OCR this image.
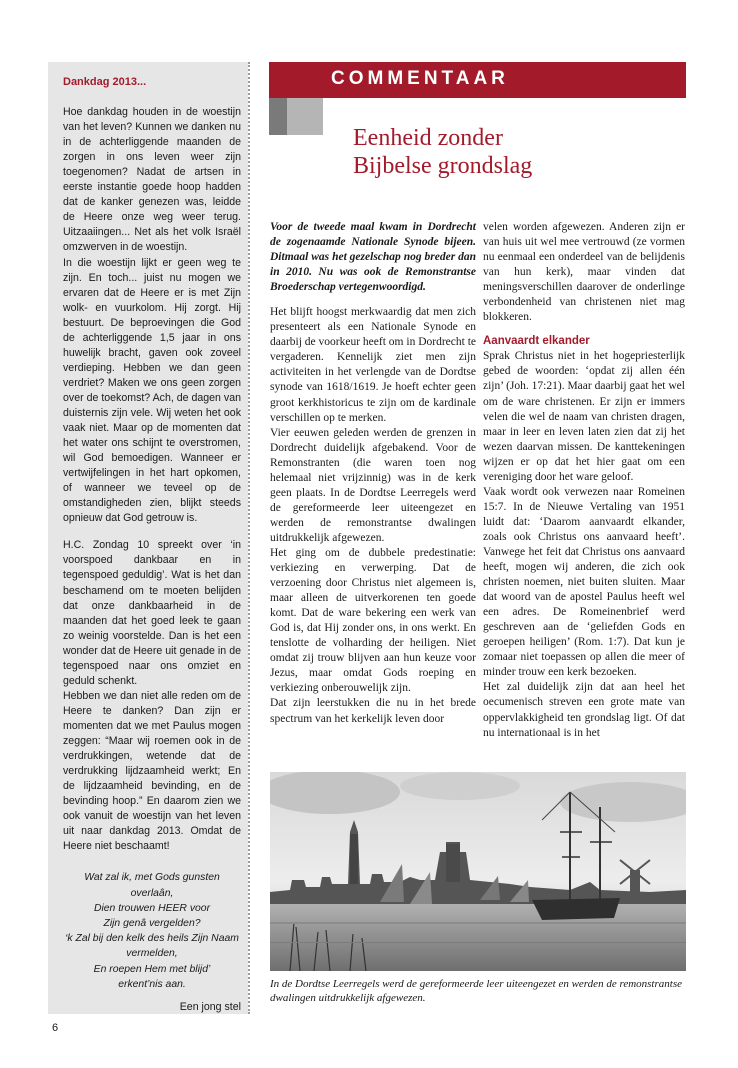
Dankdag 2013...

Hoe dankdag houden in de woestijn van het leven? Kunnen we danken nu in de achterliggende maanden de zorgen in ons leven weer zijn toegenomen? Nadat de artsen in eerste instantie goede hoop hadden dat de kanker genezen was, leidde de Heere onze weg weer terug. Uitzaaiingen... Net als het volk Israël omzwerven in de woestijn.

In die woestijn lijkt er geen weg te zijn. En toch... juist nu mogen we ervaren dat de Heere er is met Zijn wolk- en vuurkolom. Hij zorgt. Hij bestuurt. De beproevingen die God de achterliggende 1,5 jaar in ons huwelijk bracht, gaven ook zoveel verdieping. Hebben we dan geen verdriet? Maken we ons geen zorgen over de toekomst? Ach, de dagen van duisternis zijn vele. Wij weten het ook vaak niet. Maar op de momenten dat het water ons schijnt te overstromen, wil God bemoedigen. Wanneer er vertwijfelingen in het hart opkomen, of wanneer we teveel op de omstandigheden zien, blijkt steeds opnieuw dat God getrouw is.

H.C. Zondag 10 spreekt over ‘in voorspoed dankbaar en in tegenspoed geduldig’. Wat is het dan beschamend om te moeten belijden dat onze dankbaarheid in de maanden dat het goed leek te gaan zo weinig voorstelde. Dan is het een wonder dat de Heere uit genade in de tegenspoed naar ons omziet en geduld schenkt.

Hebben we dan niet alle reden om de Heere te danken? Dan zijn er momenten dat we met Paulus mogen zeggen: “Maar wij roemen ook in de verdrukkingen, wetende dat de verdrukking lijdzaamheid werkt; En de lijdzaamheid bevinding, en de bevinding hoop.” En daarom zien we ook vanuit de woestijn van het leven uit naar dankdag 2013. Omdat de Heere niet beschaamt!

Wat zal ik, met Gods gunsten
overlaân,
Dien trouwen HEER voor
Zijn genâ vergelden?
‘k Zal bij den kelk des heils Zijn Naam
vermelden,
En roepen Hem met blijd’
erkent’nis aan.
Een jong stel
COMMENTAAR
Eenheid zonder
Bijbelse grondslag

Voor de tweede maal kwam in Dordrecht de zogenaamde Nationale Synode bijeen. Ditmaal was het gezelschap nog breder dan in 2010. Nu was ook de Remonstrantse Broederschap vertegenwoordigd.

Het blijft hoogst merkwaardig dat men zich presenteert als een Nationale Synode en daarbij de voorkeur heeft om in Dordrecht te vergaderen. Kennelijk ziet men zijn activiteiten in het verlengde van de Dordtse synode van 1618/1619. Je hoeft echter geen groot kerkhistoricus te zijn om de kardinale verschillen op te merken.

Vier eeuwen geleden werden de grenzen in Dordrecht duidelijk afgebakend. Voor de Remonstranten (die waren toen nog helemaal niet vrijzinnig) was in de kerk geen plaats. In de Dordtse Leerregels werd de gereformeerde leer uiteengezet en werden de remonstrantse dwalingen uitdrukkelijk afgewezen.

Het ging om de dubbele predestinatie: verkiezing en verwerping. Dat de verzoening door Christus niet algemeen is, maar alleen de uitverkorenen ten goede komt. Dat de ware bekering een werk van God is, dat Hij zonder ons, in ons werkt. En tenslotte de volharding der heiligen. Niet omdat zij trouw blijven aan hun keuze voor Jezus, maar omdat Gods roeping en verkiezing onberouwelijk zijn.

Dat zijn leerstukken die nu in het brede spectrum van het kerkelijk leven door

velen worden afgewezen. Anderen zijn er van huis uit wel mee vertrouwd (ze vormen nu eenmaal een onderdeel van de belijdenis van hun kerk), maar vinden dat meningsverschillen daarover de onderlinge verbondenheid van christenen niet mag blokkeren.

Aanvaardt elkander

Sprak Christus niet in het hogepriesterlijk gebed de woorden: ‘opdat zij allen één zijn’ (Joh. 17:21). Maar daarbij gaat het wel om de ware christenen. Er zijn er immers velen die wel de naam van christen dragen, maar in leer en leven laten zien dat zij het wezen daarvan missen. De kanttekeningen wijzen er op dat het hier gaat om een vereniging door het ware geloof.

Vaak wordt ook verwezen naar Romeinen 15:7. In de Nieuwe Vertaling van 1951 luidt dat: ‘Daarom aanvaardt elkander, zoals ook Christus ons aanvaard heeft’. Vanwege het feit dat Christus ons aanvaard heeft, mogen wij anderen, die zich ook christen noemen, niet buiten sluiten. Maar dat woord van de apostel Paulus heeft wel een adres. De Romeinenbrief werd geschreven aan de ‘geliefden Gods en geroepen heiligen’ (Rom. 1:7). Dat kun je zomaar niet toepassen op allen die meer of minder trouw een kerk bezoeken.

Het zal duidelijk zijn dat aan heel het oecumenisch streven een grote mate van oppervlakkigheid ten grondslag ligt. Of dat nu internationaal is in het

In de Dordtse Leerregels werd de gereformeerde leer uiteengezet en werden de remonstrantse dwalingen uitdrukkelijk afgewezen.
6
